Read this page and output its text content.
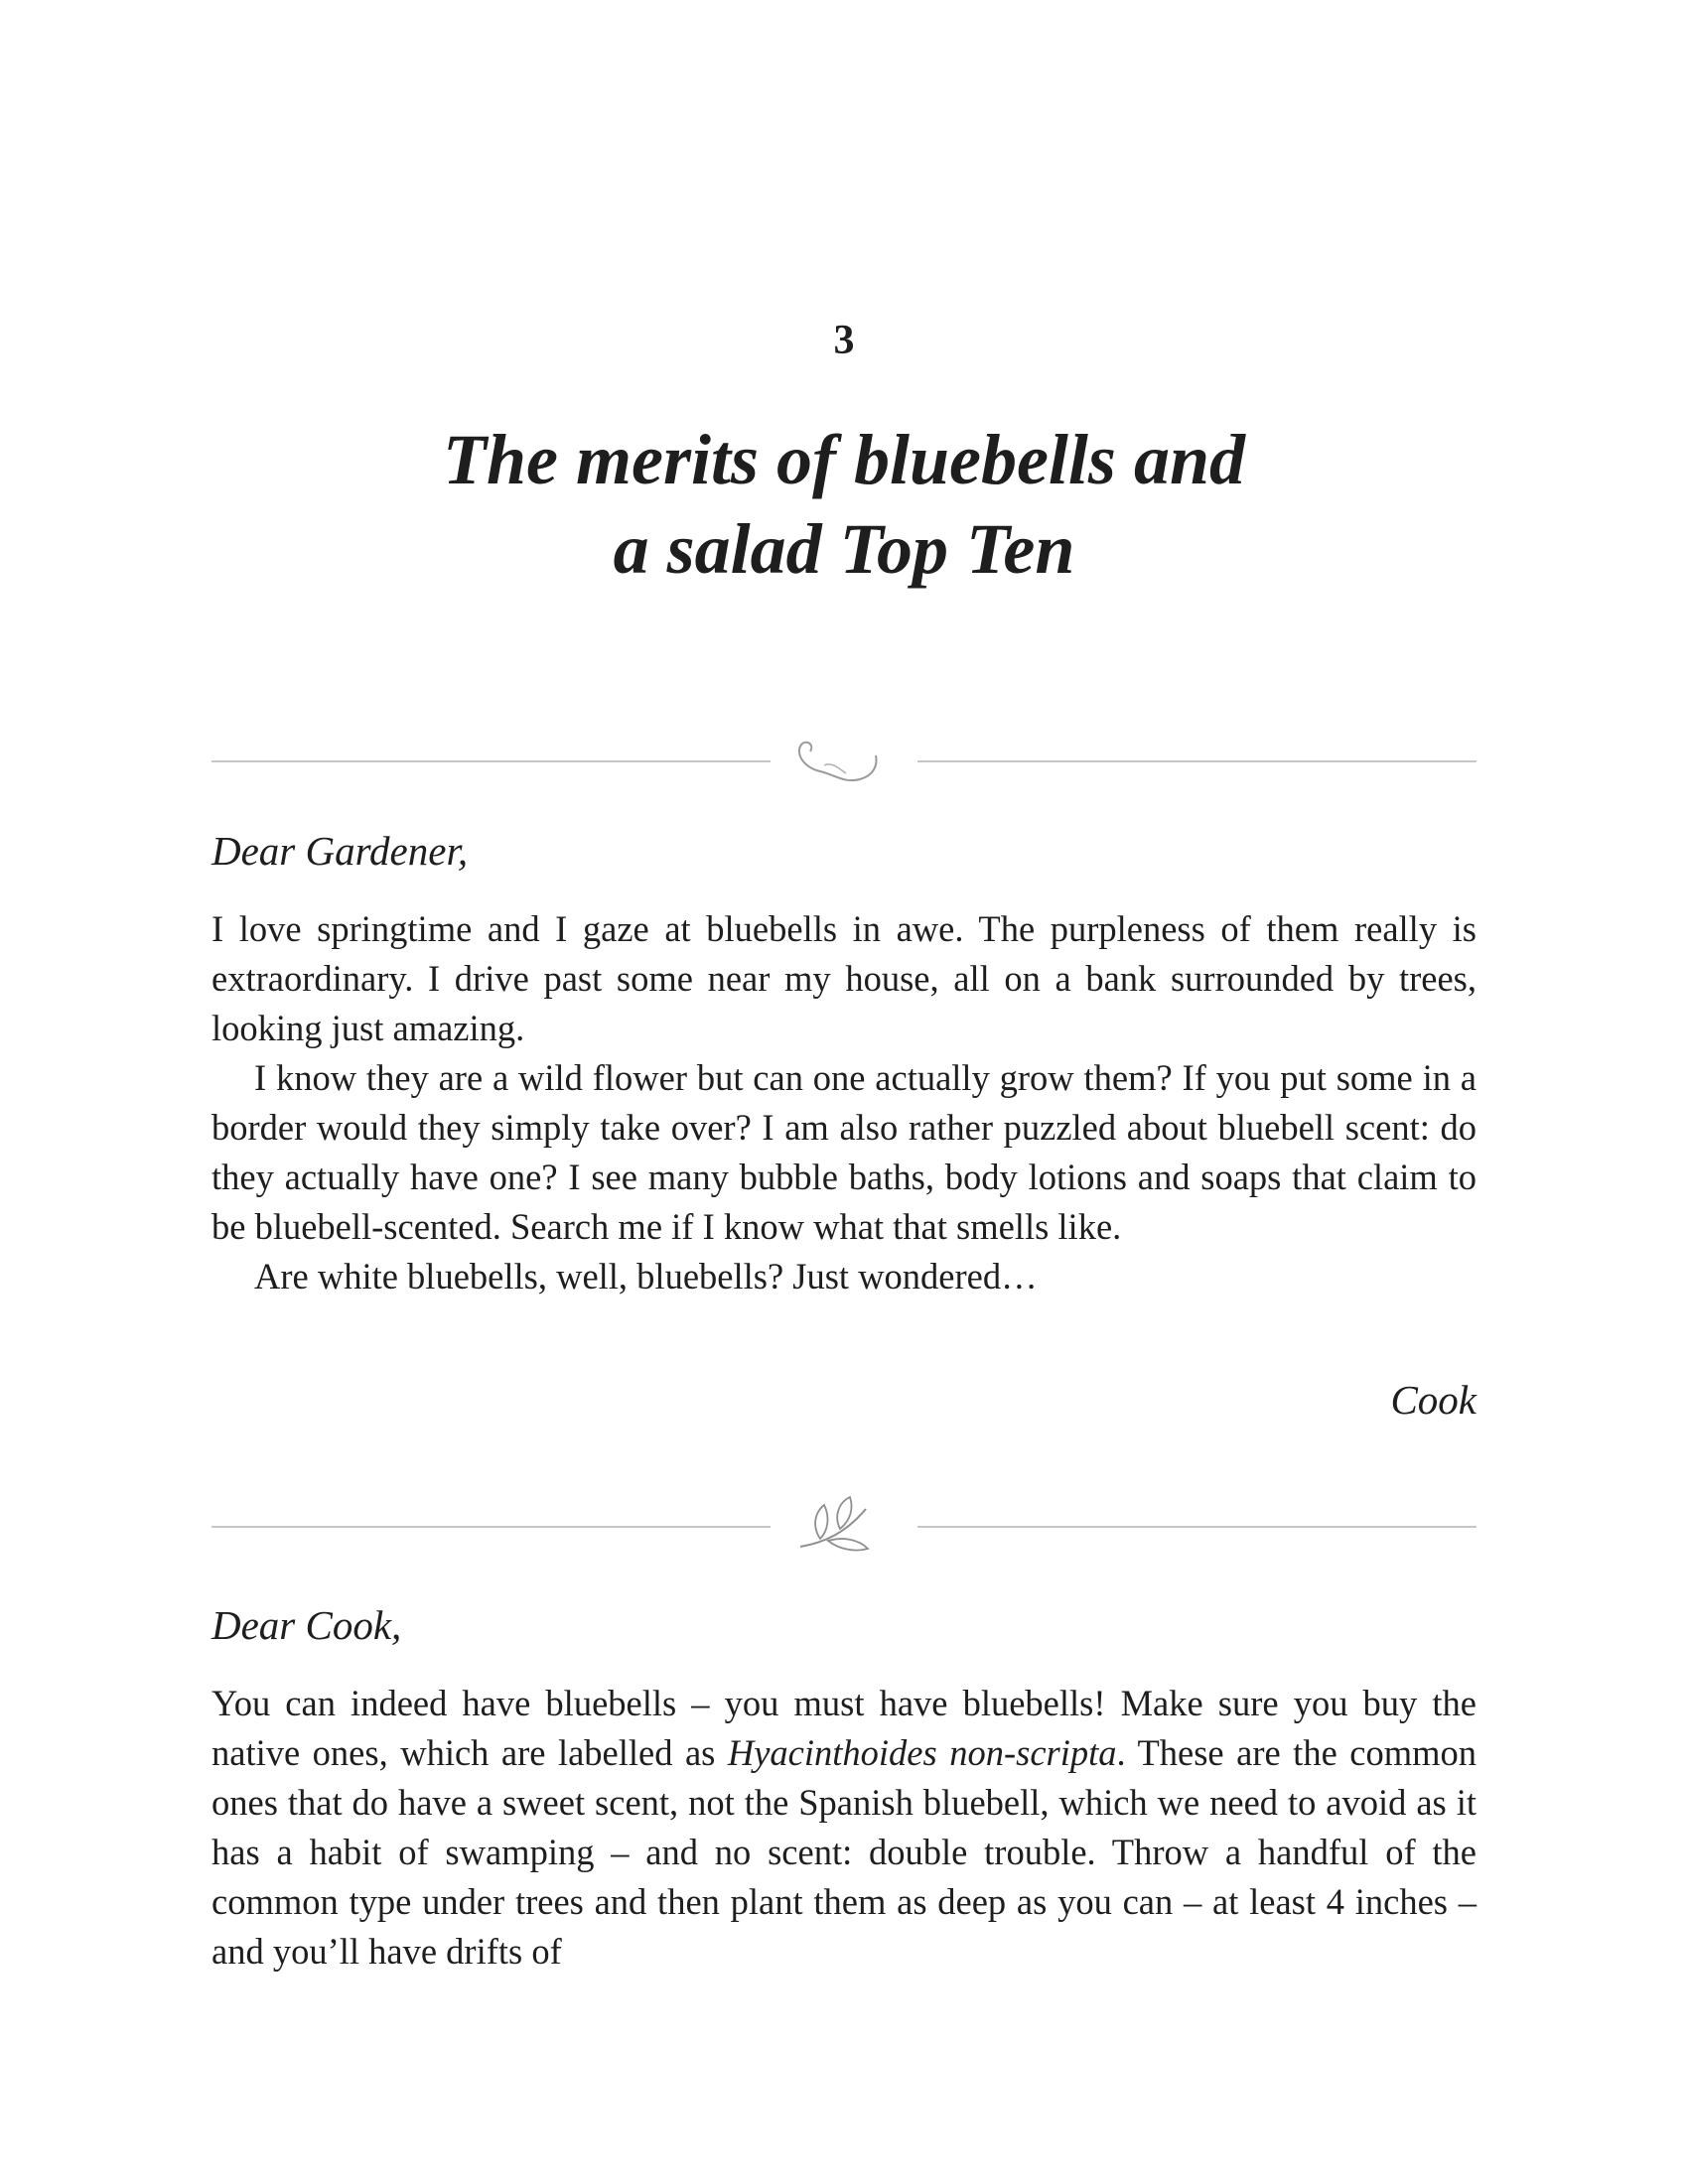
3
The merits of bluebells and
a salad Top Ten
Dear Gardener,

I love springtime and I gaze at bluebells in awe. The purpleness of them really is extraordinary. I drive past some near my house, all on a bank surrounded by trees, looking just amazing.

I know they are a wild flower but can one actually grow them? If you put some in a border would they simply take over? I am also rather puzzled about bluebell scent: do they actually have one? I see many bubble baths, body lotions and soaps that claim to be bluebell-scented. Search me if I know what that smells like.

Are white bluebells, well, bluebells? Just wondered…

Cook
Dear Cook,

You can indeed have bluebells – you must have bluebells! Make sure you buy the native ones, which are labelled as Hyacinthoides non-scripta. These are the common ones that do have a sweet scent, not the Spanish bluebell, which we need to avoid as it has a habit of swamping – and no scent: double trouble. Throw a handful of the common type under trees and then plant them as deep as you can – at least 4 inches – and you’ll have drifts of
